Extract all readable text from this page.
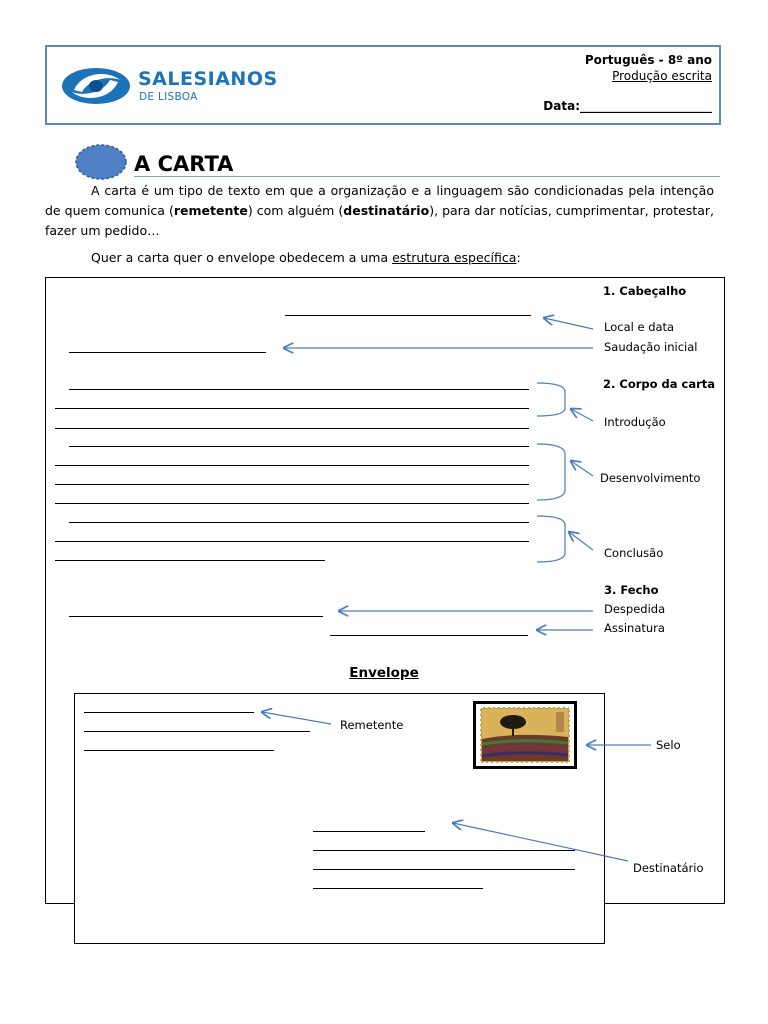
SALESIANOS
DE LISBOA
Português - 8º ano
Produção escrita
Data:______________________
A CARTA
A carta é um tipo de texto em que a organização e a linguagem são condicionadas pela intenção de quem comunica (remetente) com alguém (destinatário), para dar notícias, cumprimentar, protestar, fazer um pedido…
Quer a carta quer o envelope obedecem a uma estrutura específica:
1. Cabeçalho
Local e data
Saudação inicial
2. Corpo da carta
Introdução
Desenvolvimento
Conclusão
3. Fecho
Despedida
Assinatura
Envelope
Remetente
Selo
Destinatário
